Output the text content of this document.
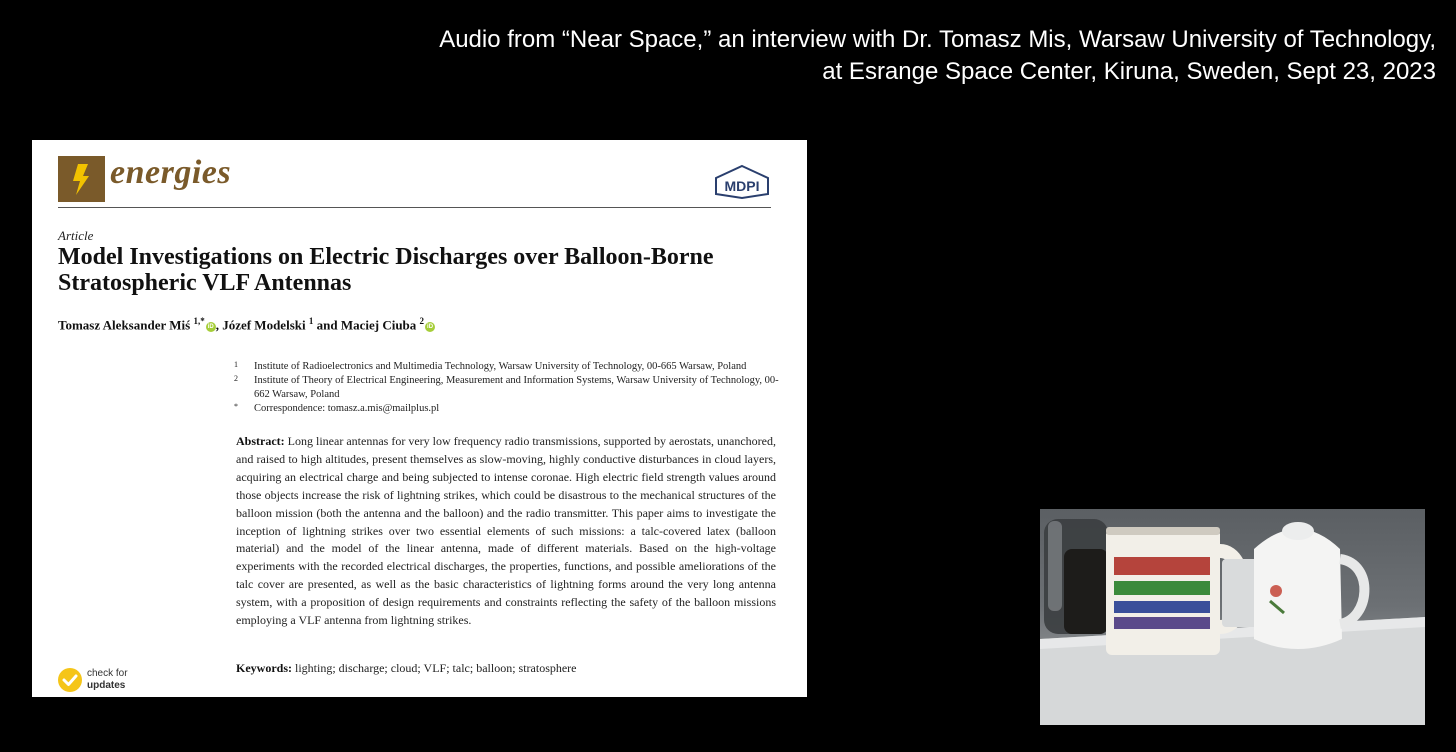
Audio from “Near Space,” an interview with Dr. Tomasz Mis, Warsaw University of Technology,
at Esrange Space Center, Kiruna, Sweden, Sept 23, 2023
energies	MDPI
Article
Model Investigations on Electric Discharges over Balloon-Borne
Stratospheric VLF Antennas
Tomasz Aleksander Miś $^{1,*}$iD , Józef Modelski $^1$ and Maciej Ciuba $^2$iD
1 Institute of Radioelectronics and Multimedia Technology, Warsaw University of Technology, 00-665 Warsaw, Poland
2 Institute of Theory of Electrical Engineering, Measurement and Information Systems, Warsaw University of Technology, 00-662 Warsaw, Poland
* Correspondence: tomasz.a.mis@mailplus.pl
Abstract: Long linear antennas for very low frequency radio transmissions, supported by aerostats, unanchored, and raised to high altitudes, present themselves as slow-moving, highly conductive disturbances in cloud layers, acquiring an electrical charge and being subjected to intense coronae. High electric field strength values around those objects increase the risk of lightning strikes, which could be disastrous to the mechanical structures of the balloon mission (both the antenna and the balloon) and the radio transmitter. This paper aims to investigate the inception of lightning strikes over two essential elements of such missions: a talc-covered latex (balloon material) and the model of the linear antenna, made of different materials. Based on the high-voltage experiments with the recorded electrical discharges, the properties, functions, and possible ameliorations of the talc cover are presented, as well as the basic characteristics of lightning forms around the very long antenna system, with a proposition of design requirements and constraints reflecting the safety of the balloon missions employing a VLF antenna from lightning strikes.
Keywords: lighting; discharge; cloud; VLF; talc; balloon; stratosphere
check for
updates
